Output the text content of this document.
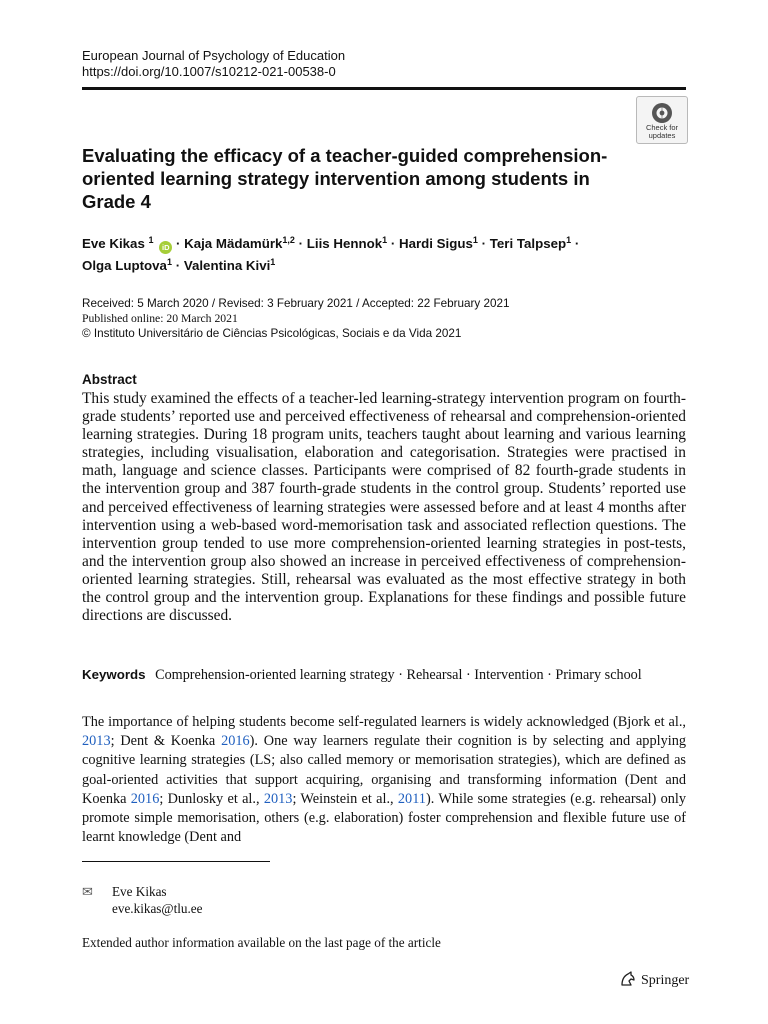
European Journal of Psychology of Education
https://doi.org/10.1007/s10212-021-00538-0
Check for
updates
Evaluating the efficacy of a teacher-guided comprehension-oriented learning strategy intervention among students in Grade 4
Eve Kikas $^1$ iD · Kaja Mädamürk$^{1,2}$ · Liis Hennok$^1$ · Hardi Sigus$^1$ · Teri Talpsep$^1$ ·
Olga Luptova$^1$ · Valentina Kivi$^1$
Received: 5 March 2020 / Revised: 3 February 2021 / Accepted: 22 February 2021
Published online: 20 March 2021
© Instituto Universitário de Ciências Psicológicas, Sociais e da Vida 2021
Abstract
This study examined the effects of a teacher-led learning-strategy intervention program on fourth-grade students’ reported use and perceived effectiveness of rehearsal and comprehension-oriented learning strategies. During 18 program units, teachers taught about learning and various learning strategies, including visualisation, elaboration and categorisation. Strategies were practised in math, language and science classes. Participants were comprised of 82 fourth-grade students in the intervention group and 387 fourth-grade students in the control group. Students’ reported use and perceived effectiveness of learning strategies were assessed before and at least 4 months after intervention using a web-based word-memorisation task and associated reflection questions. The intervention group tended to use more comprehension-oriented learning strategies in post-tests, and the intervention group also showed an increase in perceived effectiveness of comprehension-oriented learning strategies. Still, rehearsal was evaluated as the most effective strategy in both the control group and the intervention group. Explanations for these findings and possible future directions are discussed.
Keywords Comprehension-oriented learning strategy · Rehearsal · Intervention · Primary school
The importance of helping students become self-regulated learners is widely acknowledged (Bjork et al., 2013; Dent & Koenka 2016). One way learners regulate their cognition is by selecting and applying cognitive learning strategies (LS; also called memory or memorisation strategies), which are defined as goal-oriented activities that support acquiring, organising and transforming information (Dent and Koenka 2016; Dunlosky et al., 2013; Weinstein et al., 2011). While some strategies (e.g. rehearsal) only promote simple memorisation, others (e.g. elaboration) foster comprehension and flexible future use of learnt knowledge (Dent and
✉ Eve Kikas
eve.kikas@tlu.ee
Extended author information available on the last page of the article
Springer
